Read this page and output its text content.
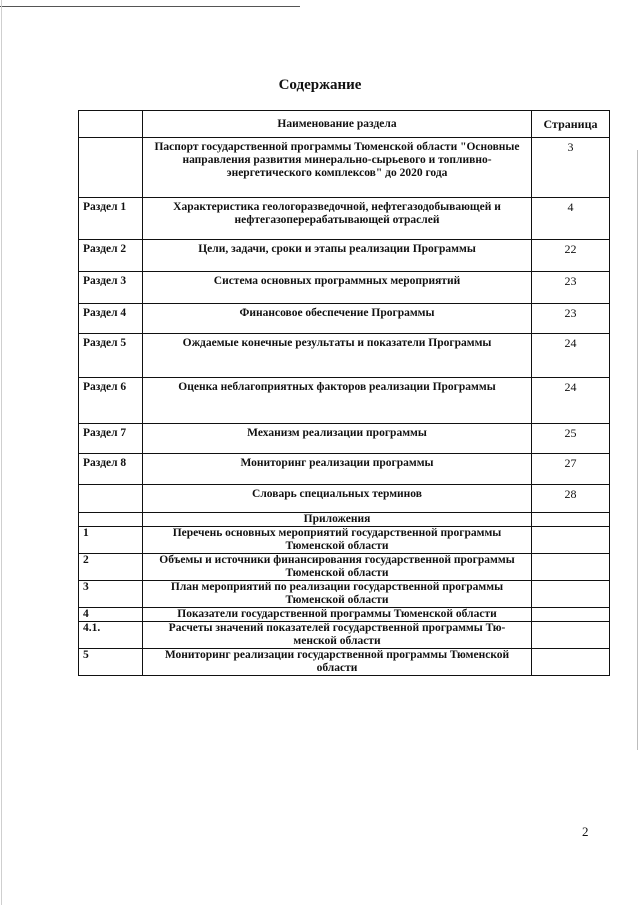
Содержание
	Наименование раздела	Страница
	Паспорт государственной программы Тюменской области "Основные направления развития минерально-сырьевого и топливно-энергетического комплексов" до 2020 года	3
Раздел 1	Характеристика геологоразведочной, нефтегазодобывающей и нефтегазоперерабатывающей отраслей	4
Раздел 2	Цели, задачи, сроки и этапы реализации Программы	22
Раздел 3	Система основных программных мероприятий	23
Раздел 4	Финансовое обеспечение Программы	23
Раздел 5	Ождаемые конечные результаты и показатели Программы	24
Раздел 6	Оценка неблагоприятных факторов реализации Программы	24
Раздел 7	Механизм реализации программы	25
Раздел 8	Мониторинг реализации программы	27
	Словарь специальных терминов	28
	Приложения	
1	Перечень основных мероприятий государственной программы Тюменской области	
2	Объемы и источники финансирования государственной программы Тюменской области	
3	План мероприятий по реализации государственной программы Тюменской области	
4	Показатели государственной программы Тюменской области	
4.1.	Расчеты значений показателей государственной программы Тю-менской области	
5	Мониторинг реализации государственной программы Тюменской области	
2
